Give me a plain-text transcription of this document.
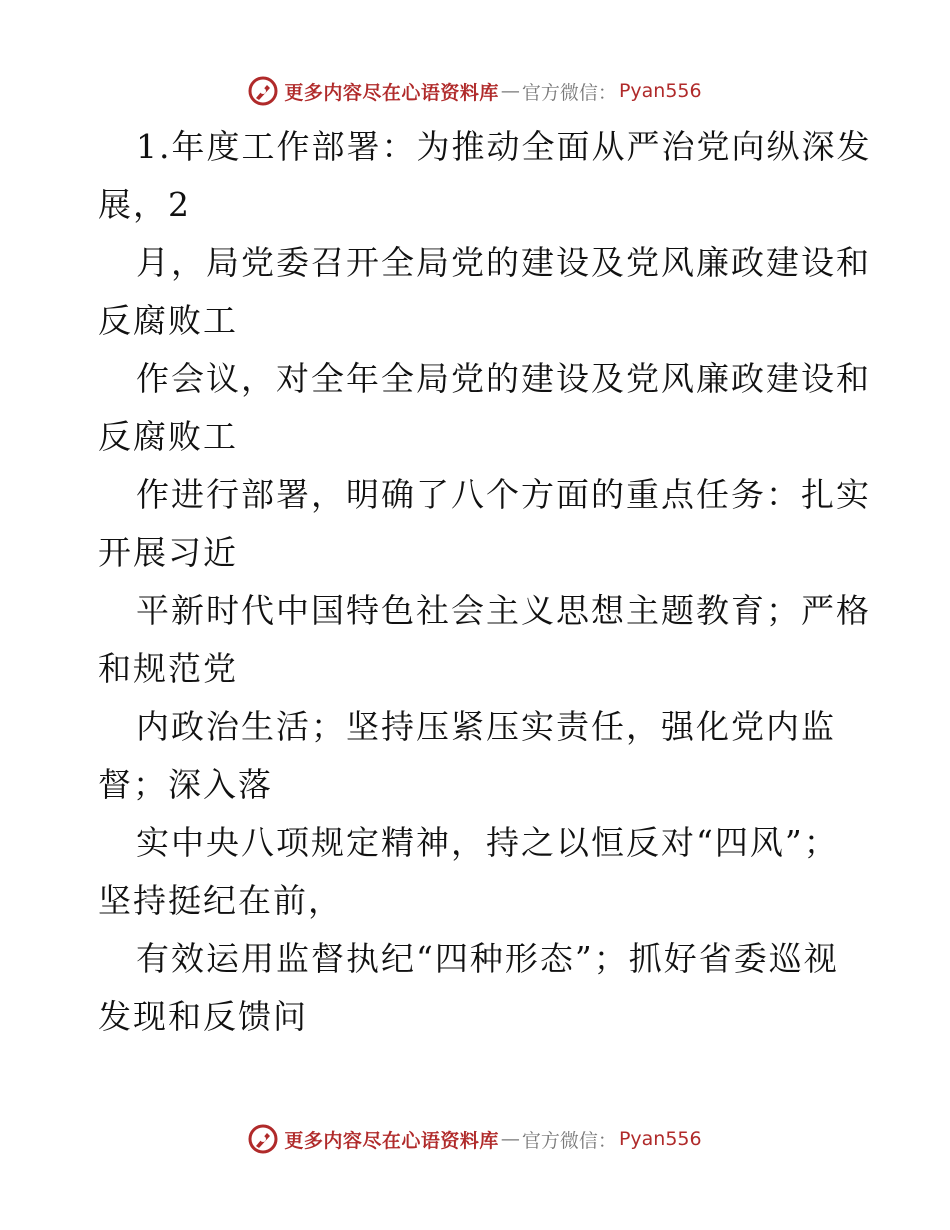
更多内容尽在心语资料库 — 官方微信： Pyan556
1.年度工作部署：为推动全面从严治党向纵深发
展，2
月，局党委召开全局党的建设及党风廉政建设和
反腐败工
作会议，对全年全局党的建设及党风廉政建设和
反腐败工
作进行部署，明确了八个方面的重点任务：扎实
开展习近
平新时代中国特色社会主义思想主题教育；严格
和规范党
内政治生活；坚持压紧压实责任，强化党内监
督；深入落
实中央八项规定精神，持之以恒反对“四风”；
坚持挺纪在前，
有效运用监督执纪“四种形态”；抓好省委巡视
发现和反馈问
更多内容尽在心语资料库 — 官方微信： Pyan556
